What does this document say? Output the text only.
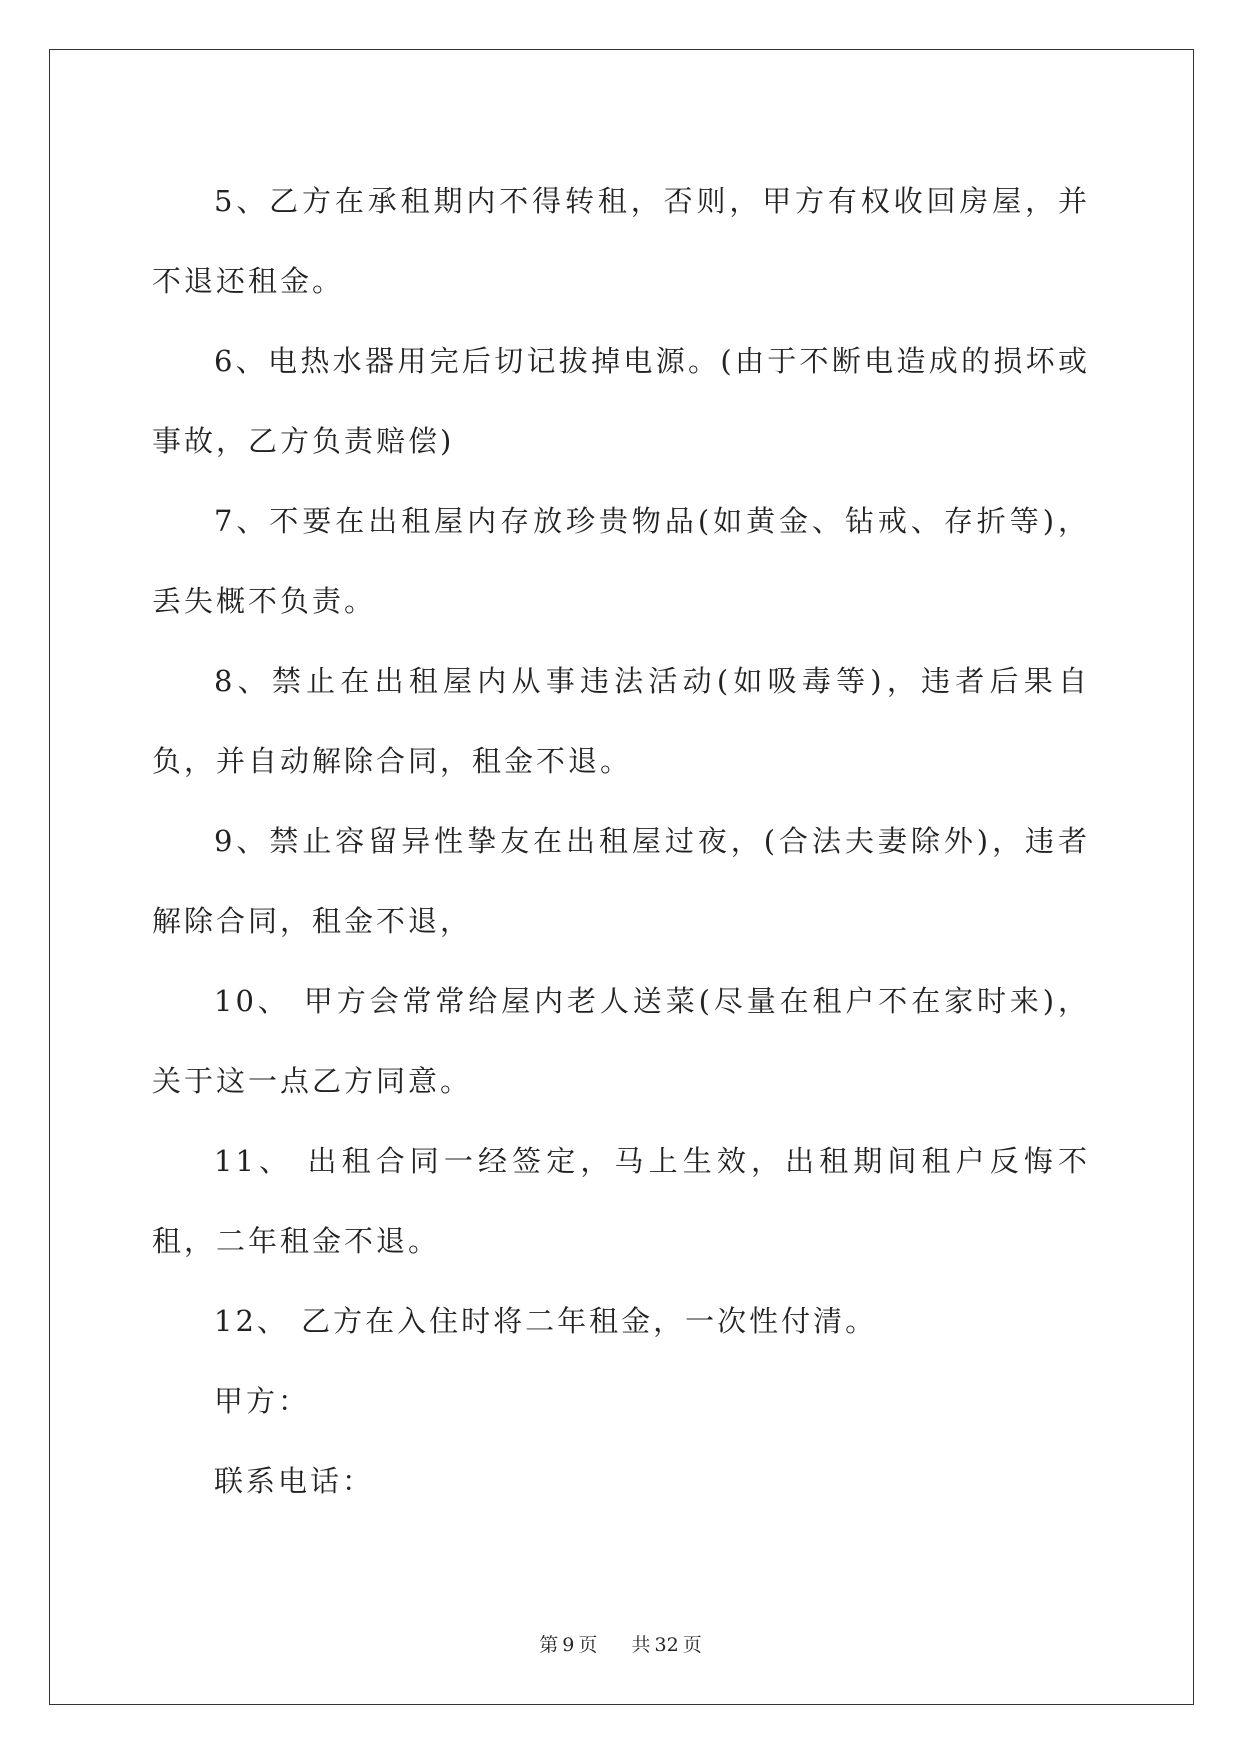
5、乙方在承租期内不得转租，否则，甲方有权收回房屋，并不退还租金。

6、电热水器用完后切记拔掉电源。(由于不断电造成的损坏或事故，乙方负责赔偿)

7、不要在出租屋内存放珍贵物品(如黄金、钻戒、存折等)，丢失概不负责。

8、禁止在出租屋内从事违法活动(如吸毒等)，违者后果自负，并自动解除合同，租金不退。

9、禁止容留异性挚友在出租屋过夜，(合法夫妻除外)，违者解除合同，租金不退，

10、 甲方会常常给屋内老人送菜(尽量在租户不在家时来)，关于这一点乙方同意。

11、 出租合同一经签定，马上生效，出租期间租户反悔不租，二年租金不退。

12、 乙方在入住时将二年租金，一次性付清。

甲方：

联系电话：

第 9 页 共 32 页
